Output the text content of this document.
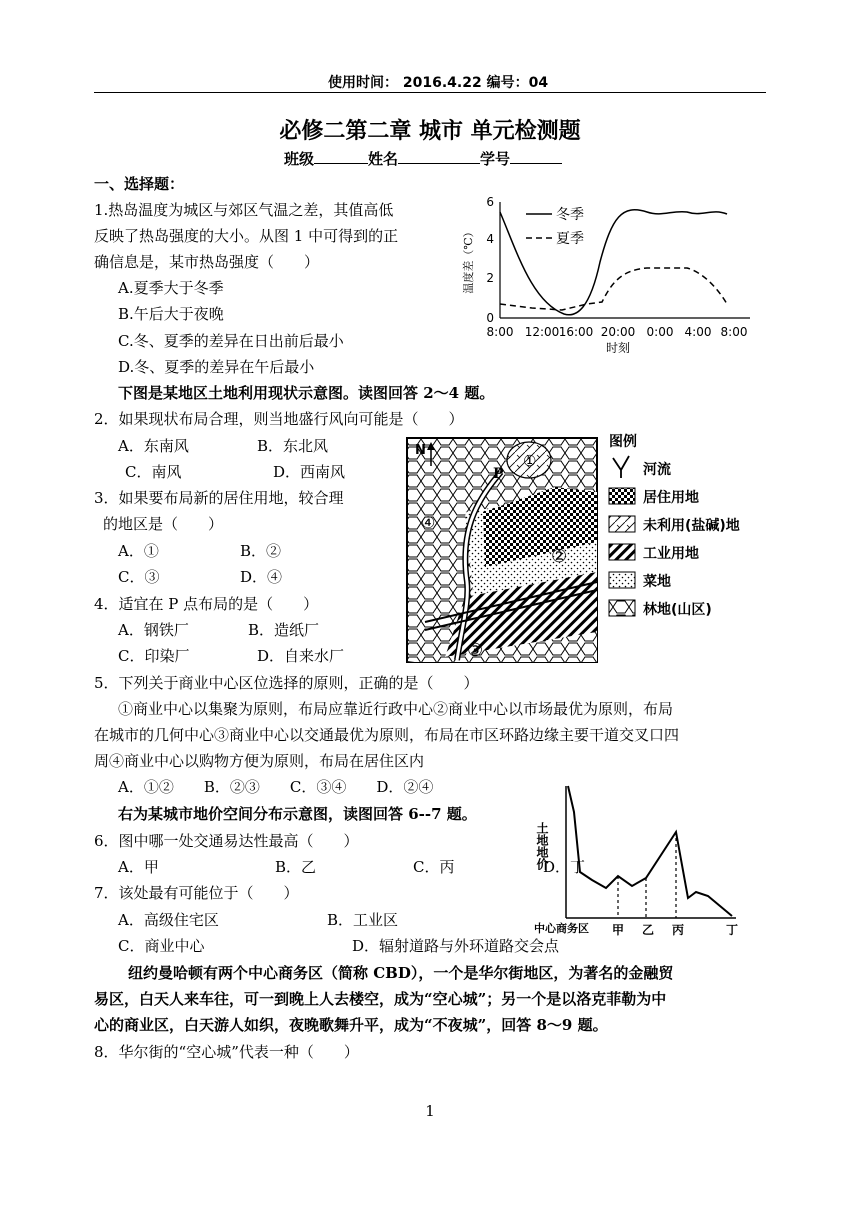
使用时间： 2016.4.22 编号：04
必修二第二章 城市 单元检测题
班级	姓名	学号
一、选择题：
1.热岛温度为城区与郊区气温之差，其值高低
反映了热岛强度的大小。从图 1 中可得到的正
确信息是，某市热岛强度（　　）
A.夏季大于冬季
B.午后大于夜晚
C.冬、夏季的差异在日出前后最小
D.冬、夏季的差异在午后最小
6
4
2
0
温度差（℃）
冬季
夏季
8:00 12:00 16:00 20:00 0:00 4:00 8:00
时刻
下图是某地区土地利用现状示意图。读图回答 2～4 题。
2．如果现状布局合理，则当地盛行风向可能是（　　）
A．东南风	B．东北风
C．南风	D．西南风
3．如果要布局新的居住用地，较合理
的地区是（　　）
A．①	B．②
C．③	D．④
4．适宜在 P 点布局的是（　　）
A．钢铁厂	B．造纸厂
C．印染厂	D．自来水厂
N
P
①
②
③
④
图例
河流
居住用地
未利用(盐碱)地
工业用地
菜地
林地(山区)
5．下列关于商业中心区位选择的原则，正确的是（　　）
①商业中心以集聚为原则，布局应靠近行政中心②商业中心以市场最优为原则，布局
在城市的几何中心③商业中心以交通最优为原则，布局在市区环路边缘主要干道交叉口四
周④商业中心以购物方便为原则，布局在居住区内
A．①②　　B．②③　　C．③④　　D．②④
右为某城市地价空间分布示意图，读图回答 6--7 题。
6．图中哪一处交通易达性最高（　　）
A．甲	B．乙	C．丙	D．丁
7．该处最有可能位于（　　）
A．高级住宅区	B．工业区
C．商业中心	D．辐射道路与外环道路交会点
土地地价
中心商务区 甲 乙 丙	丁
纽约曼哈顿有两个中心商务区（简称 CBD），一个是华尔街地区，为著名的金融贸
易区，白天人来车往，可一到晚上人去楼空，成为“空心城”；另一个是以洛克菲勒为中
心的商业区，白天游人如织，夜晚歌舞升平，成为“不夜城”，回答 8～9 题。
8．华尔街的“空心城”代表一种（　　）
1
